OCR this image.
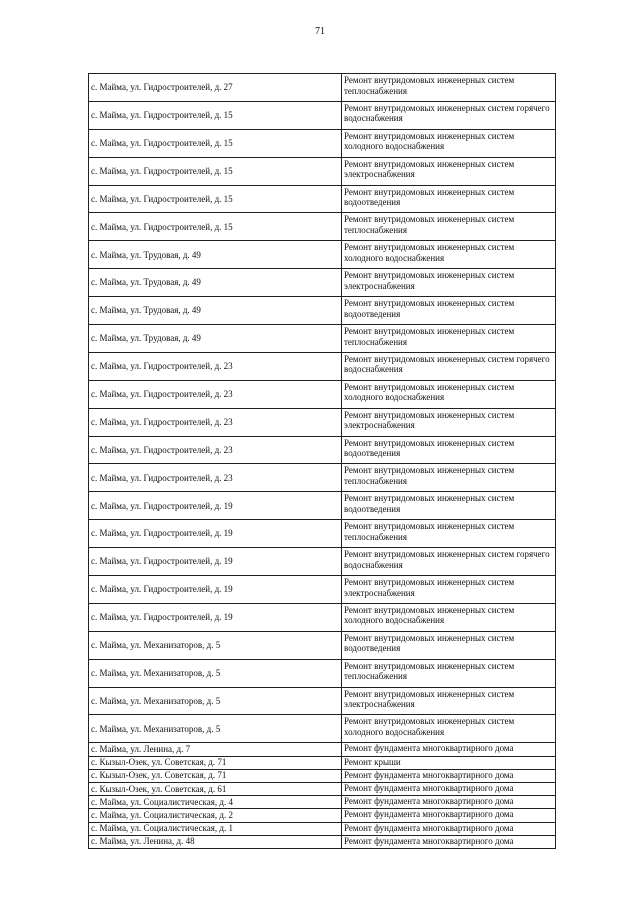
71
с. Майма, ул. Гидростроителей, д. 27	Ремонт внутридомовых инженерных систем теплоснабжения
с. Майма, ул. Гидростроителей, д. 15	Ремонт внутридомовых инженерных систем горячего водоснабжения
с. Майма, ул. Гидростроителей, д. 15	Ремонт внутридомовых инженерных систем холодного водоснабжения
с. Майма, ул. Гидростроителей, д. 15	Ремонт внутридомовых инженерных систем электроснабжения
с. Майма, ул. Гидростроителей, д. 15	Ремонт внутридомовых инженерных систем водоотведения
с. Майма, ул. Гидростроителей, д. 15	Ремонт внутридомовых инженерных систем теплоснабжения
с. Майма, ул. Трудовая, д. 49	Ремонт внутридомовых инженерных систем холодного водоснабжения
с. Майма, ул. Трудовая, д. 49	Ремонт внутридомовых инженерных систем электроснабжения
с. Майма, ул. Трудовая, д. 49	Ремонт внутридомовых инженерных систем водоотведения
с. Майма, ул. Трудовая, д. 49	Ремонт внутридомовых инженерных систем теплоснабжения
с. Майма, ул. Гидростроителей, д. 23	Ремонт внутридомовых инженерных систем горячего водоснабжения
с. Майма, ул. Гидростроителей, д. 23	Ремонт внутридомовых инженерных систем холодного водоснабжения
с. Майма, ул. Гидростроителей, д. 23	Ремонт внутридомовых инженерных систем электроснабжения
с. Майма, ул. Гидростроителей, д. 23	Ремонт внутридомовых инженерных систем водоотведения
с. Майма, ул. Гидростроителей, д. 23	Ремонт внутридомовых инженерных систем теплоснабжения
с. Майма, ул. Гидростроителей, д. 19	Ремонт внутридомовых инженерных систем водоотведения
с. Майма, ул. Гидростроителей, д. 19	Ремонт внутридомовых инженерных систем теплоснабжения
с. Майма, ул. Гидростроителей, д. 19	Ремонт внутридомовых инженерных систем горячего водоснабжения
с. Майма, ул. Гидростроителей, д. 19	Ремонт внутридомовых инженерных систем электроснабжения
с. Майма, ул. Гидростроителей, д. 19	Ремонт внутридомовых инженерных систем холодного водоснабжения
с. Майма, ул. Механизаторов, д. 5	Ремонт внутридомовых инженерных систем водоотведения
с. Майма, ул. Механизаторов, д. 5	Ремонт внутридомовых инженерных систем теплоснабжения
с. Майма, ул. Механизаторов, д. 5	Ремонт внутридомовых инженерных систем электроснабжения
с. Майма, ул. Механизаторов, д. 5	Ремонт внутридомовых инженерных систем холодного водоснабжения
с. Майма, ул. Ленина, д. 7	Ремонт фундамента многоквартирного дома
с. Кызыл-Озек, ул. Советская, д. 71	Ремонт крыши
с. Кызыл-Озек, ул. Советская, д. 71	Ремонт фундамента многоквартирного дома
с. Кызыл-Озек, ул. Советская, д. 61	Ремонт фундамента многоквартирного дома
с. Майма, ул. Социалистическая, д. 4	Ремонт фундамента многоквартирного дома
с. Майма, ул. Социалистическая, д. 2	Ремонт фундамента многоквартирного дома
с. Майма, ул. Социалистическая, д. 1	Ремонт фундамента многоквартирного дома
с. Майма, ул. Ленина, д. 48	Ремонт фундамента многоквартирного дома
